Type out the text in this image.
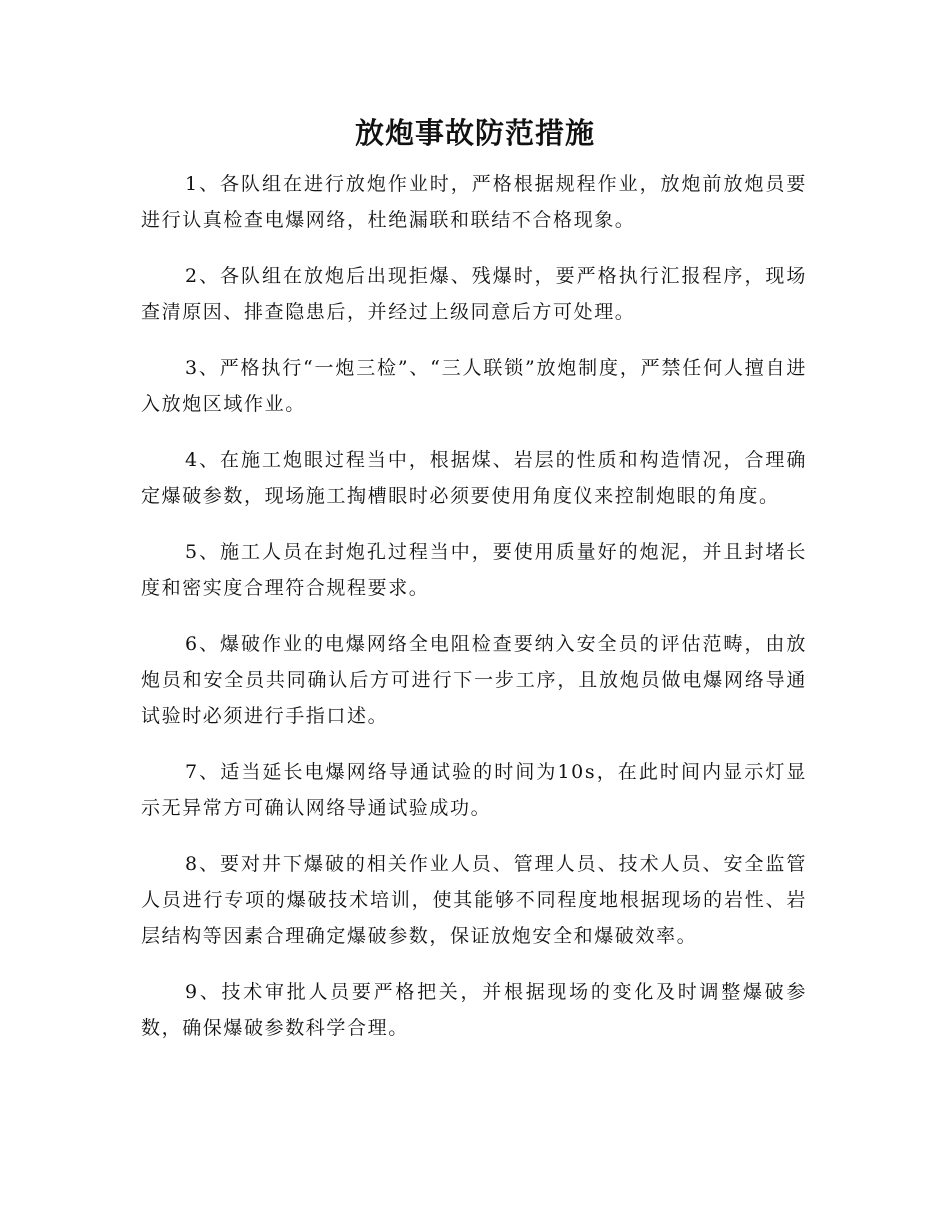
放炮事故防范措施

1、各队组在进行放炮作业时，严格根据规程作业，放炮前放炮员要进行认真检查电爆网络，杜绝漏联和联结不合格现象。

2、各队组在放炮后出现拒爆、残爆时，要严格执行汇报程序，现场查清原因、排查隐患后，并经过上级同意后方可处理。

3、严格执行“一炮三检”、“三人联锁”放炮制度，严禁任何人擅自进入放炮区域作业。

4、在施工炮眼过程当中，根据煤、岩层的性质和构造情况，合理确定爆破参数，现场施工掏槽眼时必须要使用角度仪来控制炮眼的角度。

5、施工人员在封炮孔过程当中，要使用质量好的炮泥，并且封堵长度和密实度合理符合规程要求。

6、爆破作业的电爆网络全电阻检查要纳入安全员的评估范畴，由放炮员和安全员共同确认后方可进行下一步工序，且放炮员做电爆网络导通试验时必须进行手指口述。

7、适当延长电爆网络导通试验的时间为10s，在此时间内显示灯显示无异常方可确认网络导通试验成功。

8、要对井下爆破的相关作业人员、管理人员、技术人员、安全监管人员进行专项的爆破技术培训，使其能够不同程度地根据现场的岩性、岩层结构等因素合理确定爆破参数，保证放炮安全和爆破效率。

9、技术审批人员要严格把关，并根据现场的变化及时调整爆破参数，确保爆破参数科学合理。
